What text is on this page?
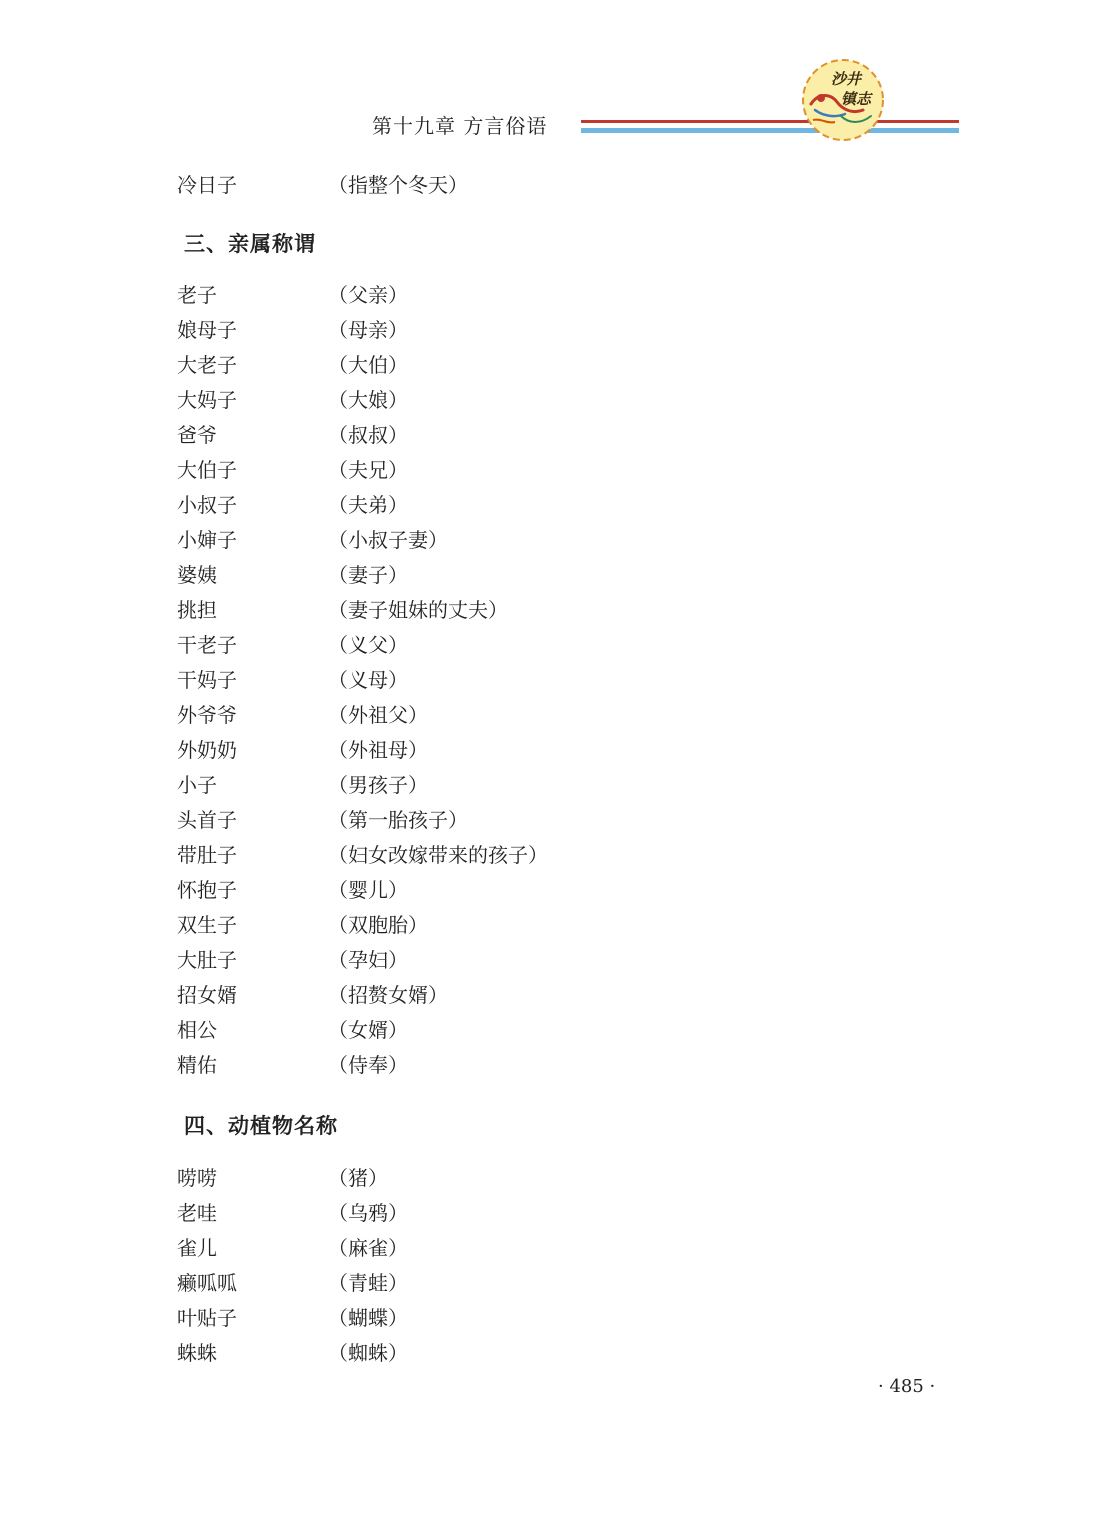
第十九章 方言俗语
沙井
镇志
冷日子	（指整个冬天）
三、亲属称谓
老子	（父亲）
娘母子	（母亲）
大老子	（大伯）
大妈子	（大娘）
爸爷	（叔叔）
大伯子	（夫兄）
小叔子	（夫弟）
小婶子	（小叔子妻）
婆姨	（妻子）
挑担	（妻子姐妹的丈夫）
干老子	（义父）
干妈子	（义母）
外爷爷	（外祖父）
外奶奶	（外祖母）
小子	（男孩子）
头首子	（第一胎孩子）
带肚子	（妇女改嫁带来的孩子）
怀抱子	（婴儿）
双生子	（双胞胎）
大肚子	（孕妇）
招女婿	（招赘女婿）
相公	（女婿）
精佑	（侍奉）
四、动植物名称
唠唠	（猪）
老哇	（乌鸦）
雀儿	（麻雀）
癞呱呱	（青蛙）
叶贴子	（蝴蝶）
蛛蛛	（蜘蛛）
· 485 ·
